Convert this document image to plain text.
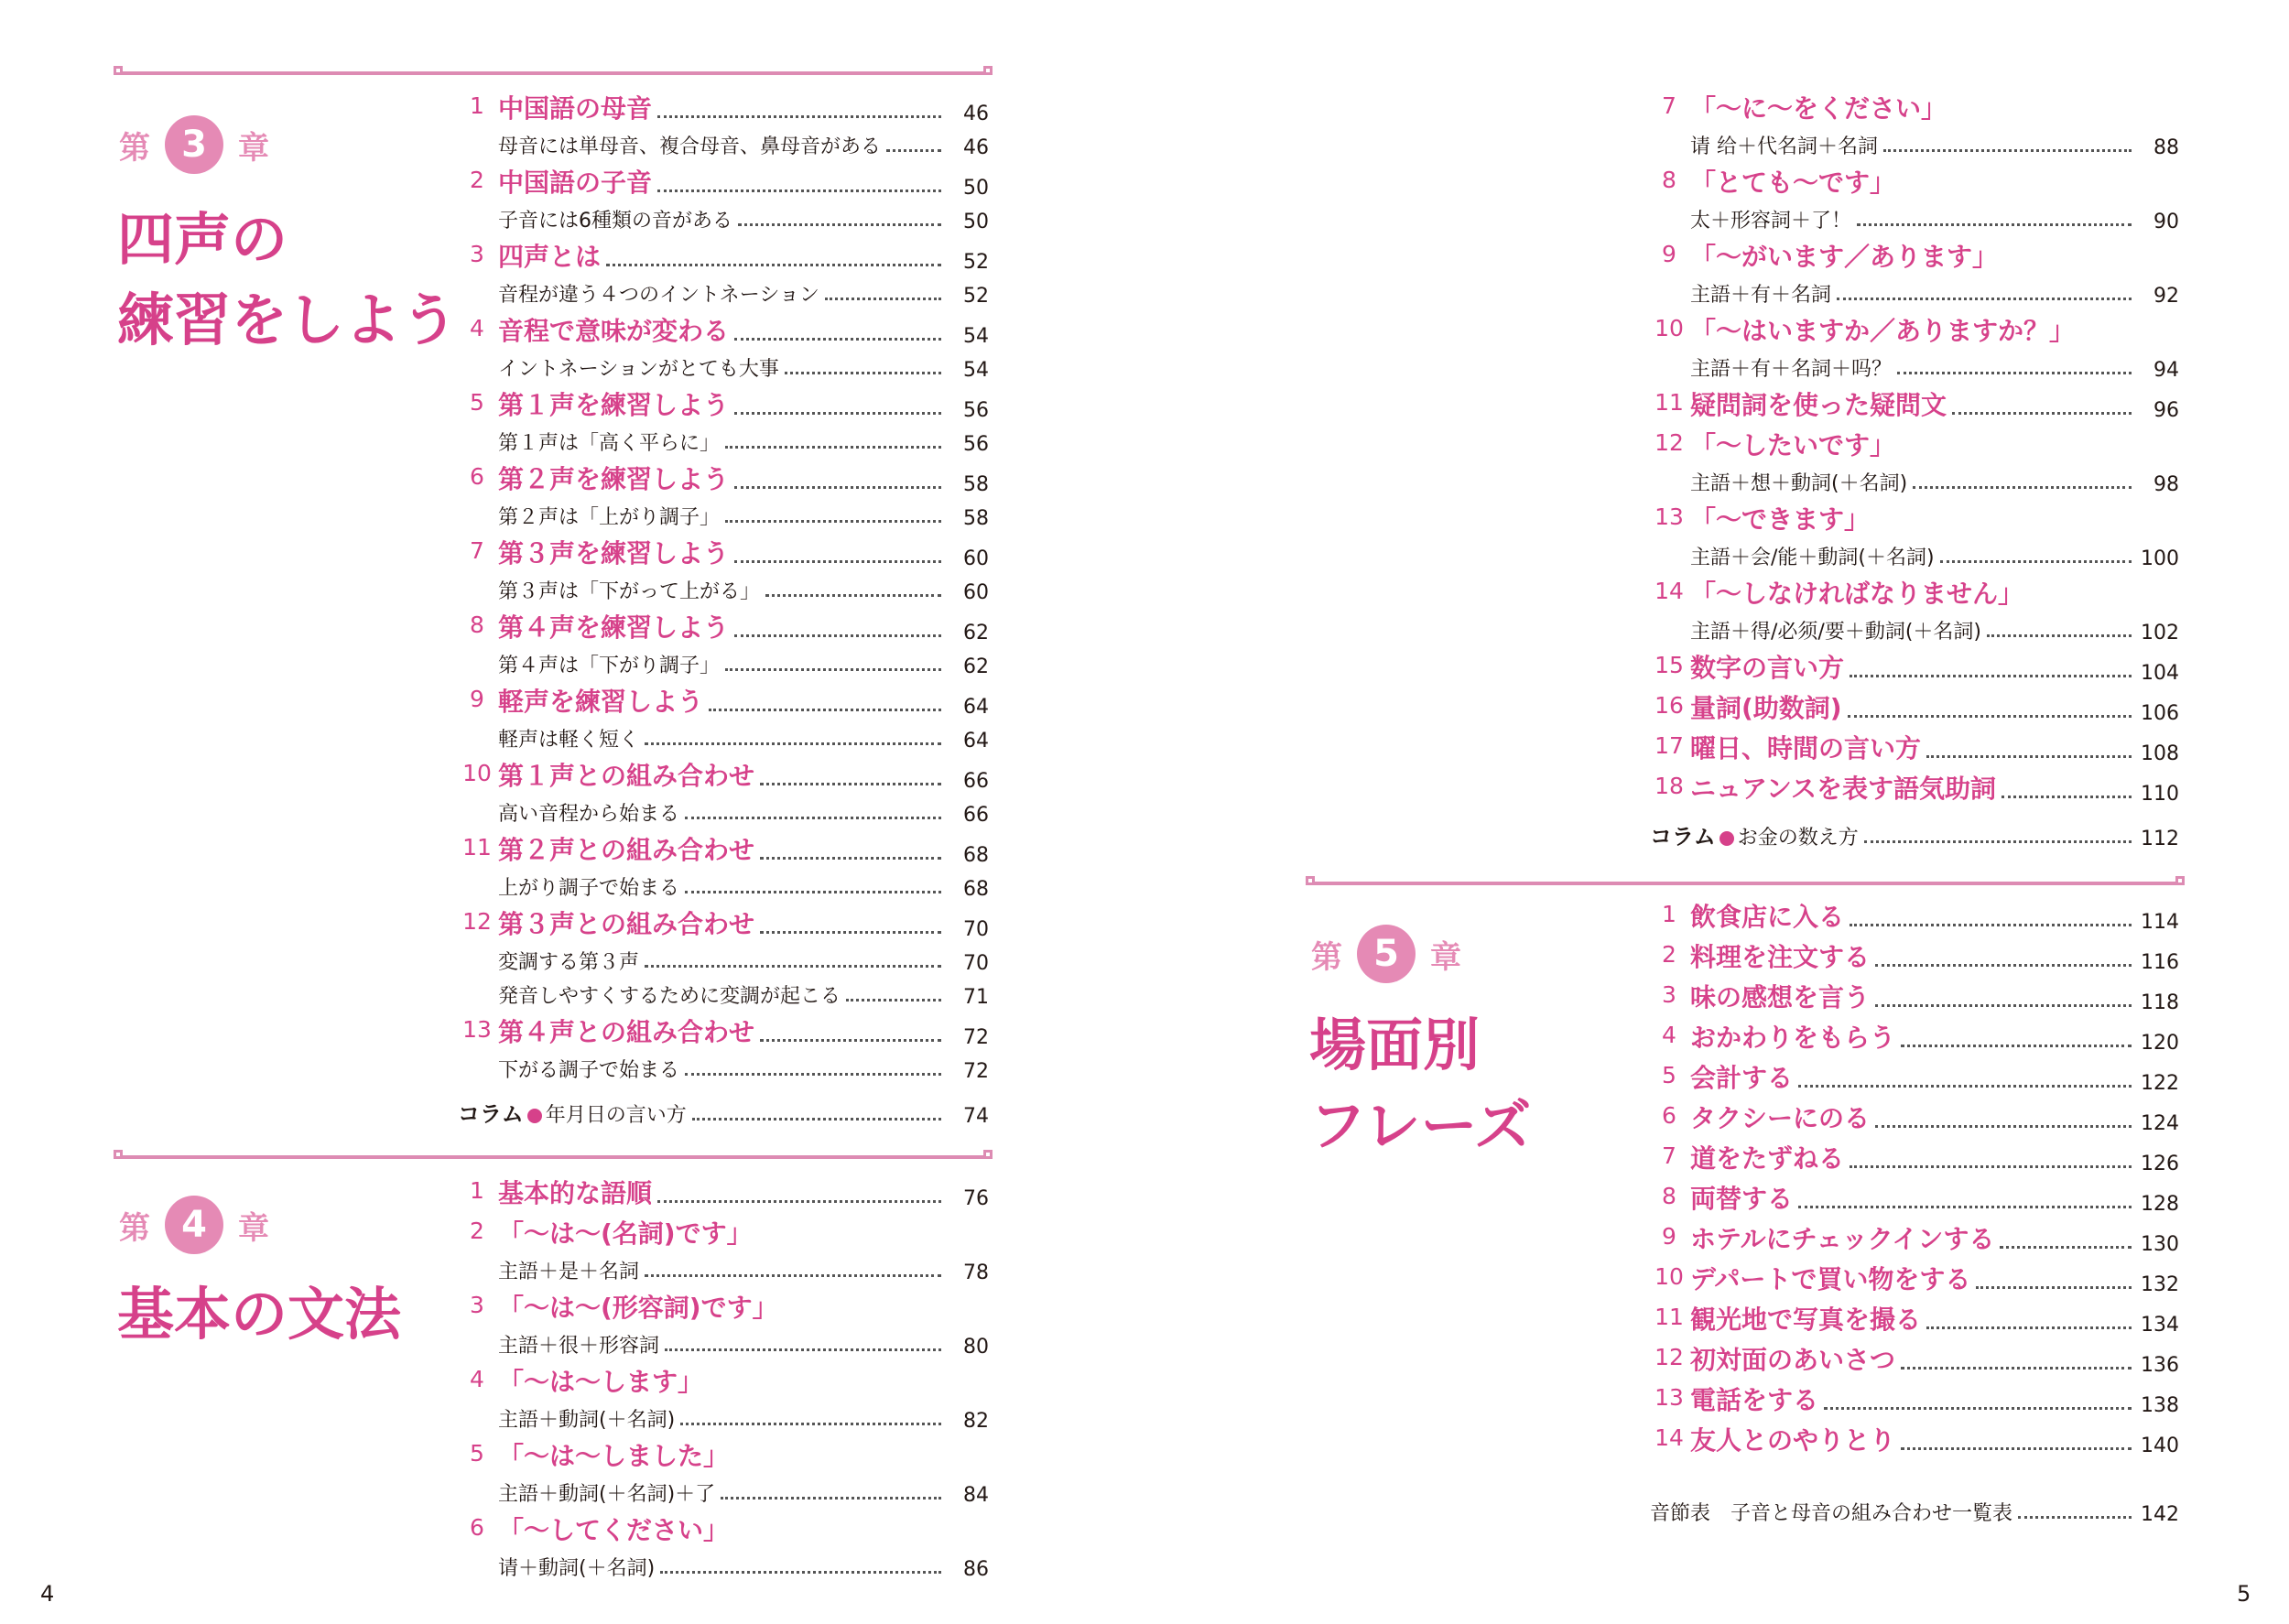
第 3	章
四声の
練習をしよう
1 中国語の母音	46
母音には単母音、複合母音、鼻母音がある	46
2 中国語の子音	50
子音には6種類の音がある	50
3 四声とは	52
音程が違う４つのイントネーション	52
4 音程で意味が変わる	54
イントネーションがとても大事	54
5 第１声を練習しよう	56
第１声は「高く平らに」	56
6 第２声を練習しよう	58
第２声は「上がり調子」	58
7 第３声を練習しよう	60
第３声は「下がって上がる」	60
8 第４声を練習しよう	62
第４声は「下がり調子」	62
9 軽声を練習しよう	64
軽声は軽く短く	64
10 第１声との組み合わせ	66
高い音程から始まる	66
11 第２声との組み合わせ	68
上がり調子で始まる	68
12 第３声との組み合わせ	70
変調する第３声	70
発音しやすくするために変調が起こる	71
13 第４声との組み合わせ	72
下がる調子で始まる	72
コラム 年月日の言い方	74
第 4	章
基本の文法
1 基本的な語順	76
2 「～は～(名詞)です」
主語＋是＋名詞	78
3 「～は～(形容詞)です」
主語＋很＋形容詞	80
4 「～は～します」
主語＋動詞(＋名詞)	82
5 「～は～しました」
主語＋動詞(＋名詞)＋了	84
6 「～してください」
请＋動詞(＋名詞)	86
7 「～に～をください」
请 给＋代名詞＋名詞	88
8 「とても～です」
太＋形容詞＋了！	90
9 「～がいます／あります」
主語＋有＋名詞	92
10 「～はいますか／ありますか？」
主語＋有＋名詞＋吗？	94
11 疑問詞を使った疑問文	96
12 「～したいです」
主語＋想＋動詞(＋名詞)	98
13 「～できます」
主語＋会/能＋動詞(＋名詞)	100
14 「～しなければなりません」
主語＋得/必须/要＋動詞(＋名詞)	102
15 数字の言い方	104
16 量詞(助数詞)	106
17 曜日、時間の言い方	108
18 ニュアンスを表す語気助詞	110
コラム お金の数え方	112
第 5	章
場面別
フレーズ
1 飲食店に入る	114
2 料理を注文する	116
3 味の感想を言う	118
4 おかわりをもらう	120
5 会計する	122
6 タクシーにのる	124
7 道をたずねる	126
8 両替する	128
9 ホテルにチェックインする	130
10 デパートで買い物をする	132
11 観光地で写真を撮る	134
12 初対面のあいさつ	136
13 電話をする	138
14 友人とのやりとり	140
音節表　子音と母音の組み合わせ一覧表	142
4	5
